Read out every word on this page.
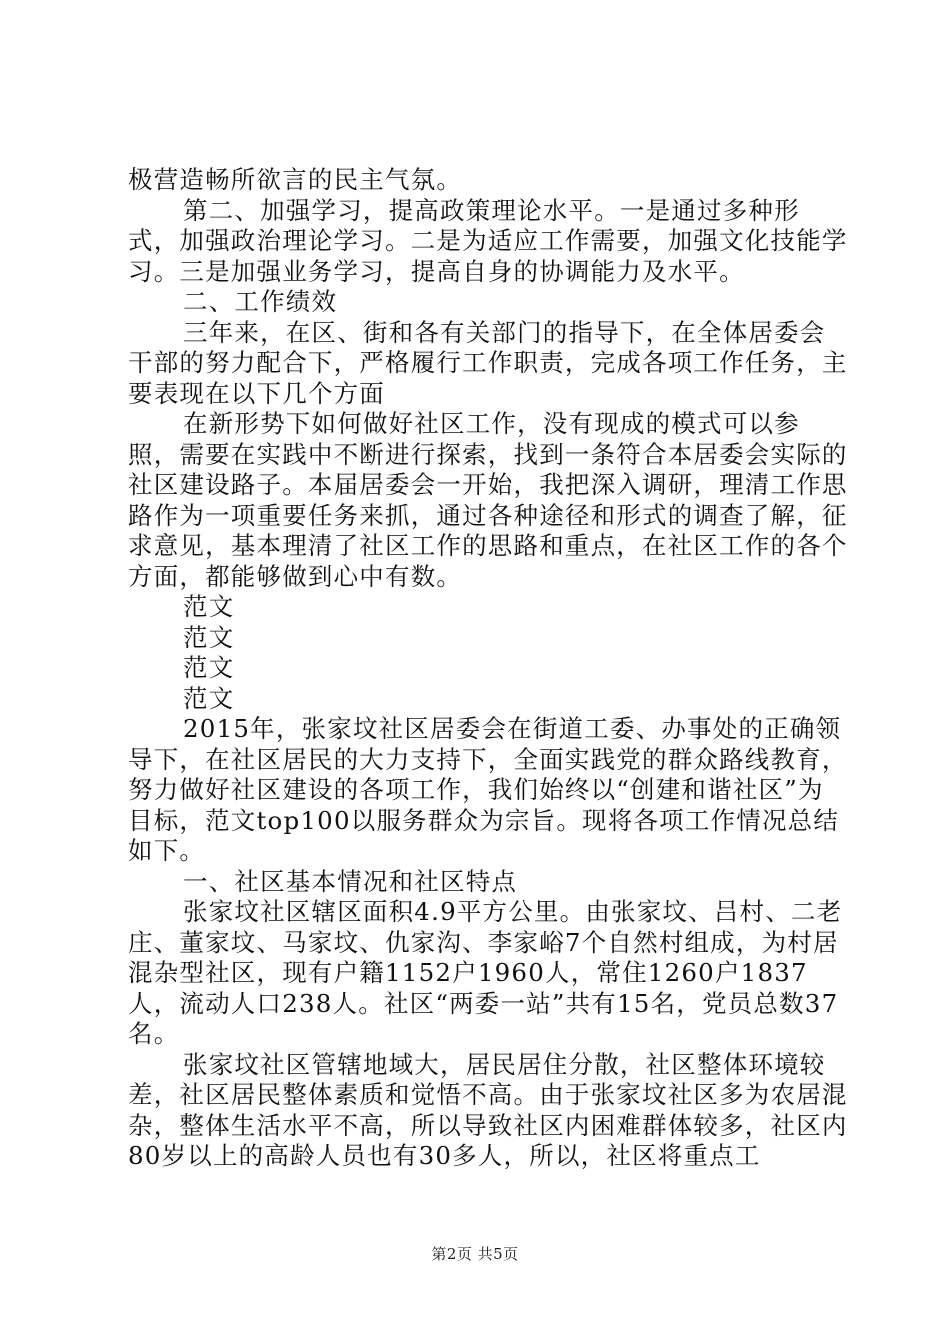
极营造畅所欲言的民主气氛。

第二、加强学习，提高政策理论水平。一是通过多种形式，加强政治理论学习。二是为适应工作需要，加强文化技能学习。三是加强业务学习，提高自身的协调能力及水平。

二、工作绩效

三年来，在区、街和各有关部门的指导下，在全体居委会干部的努力配合下，严格履行工作职责，完成各项工作任务，主要表现在以下几个方面

在新形势下如何做好社区工作，没有现成的模式可以参照，需要在实践中不断进行探索，找到一条符合本居委会实际的社区建设路子。本届居委会一开始，我把深入调研，理清工作思路作为一项重要任务来抓，通过各种途径和形式的调查了解，征求意见，基本理清了社区工作的思路和重点，在社区工作的各个方面，都能够做到心中有数。

范文

范文

范文

范文

2015年，张家坟社区居委会在街道工委、办事处的正确领导下，在社区居民的大力支持下，全面实践党的群众路线教育，努力做好社区建设的各项工作，我们始终以“创建和谐社区”为目标，范文top100以服务群众为宗旨。现将各项工作情况总结如下。

一、社区基本情况和社区特点

张家坟社区辖区面积4.9平方公里。由张家坟、吕村、二老庄、董家坟、马家坟、仇家沟、李家峪7个自然村组成，为村居混杂型社区，现有户籍1152户1960人，常住1260户1837人，流动人口238人。社区“两委一站”共有15名，党员总数37名。

张家坟社区管辖地域大，居民居住分散，社区整体环境较差，社区居民整体素质和觉悟不高。由于张家坟社区多为农居混杂，整体生活水平不高，所以导致社区内困难群体较多，社区内80岁以上的高龄人员也有30多人，所以，社区将重点工

第2页 共5页
